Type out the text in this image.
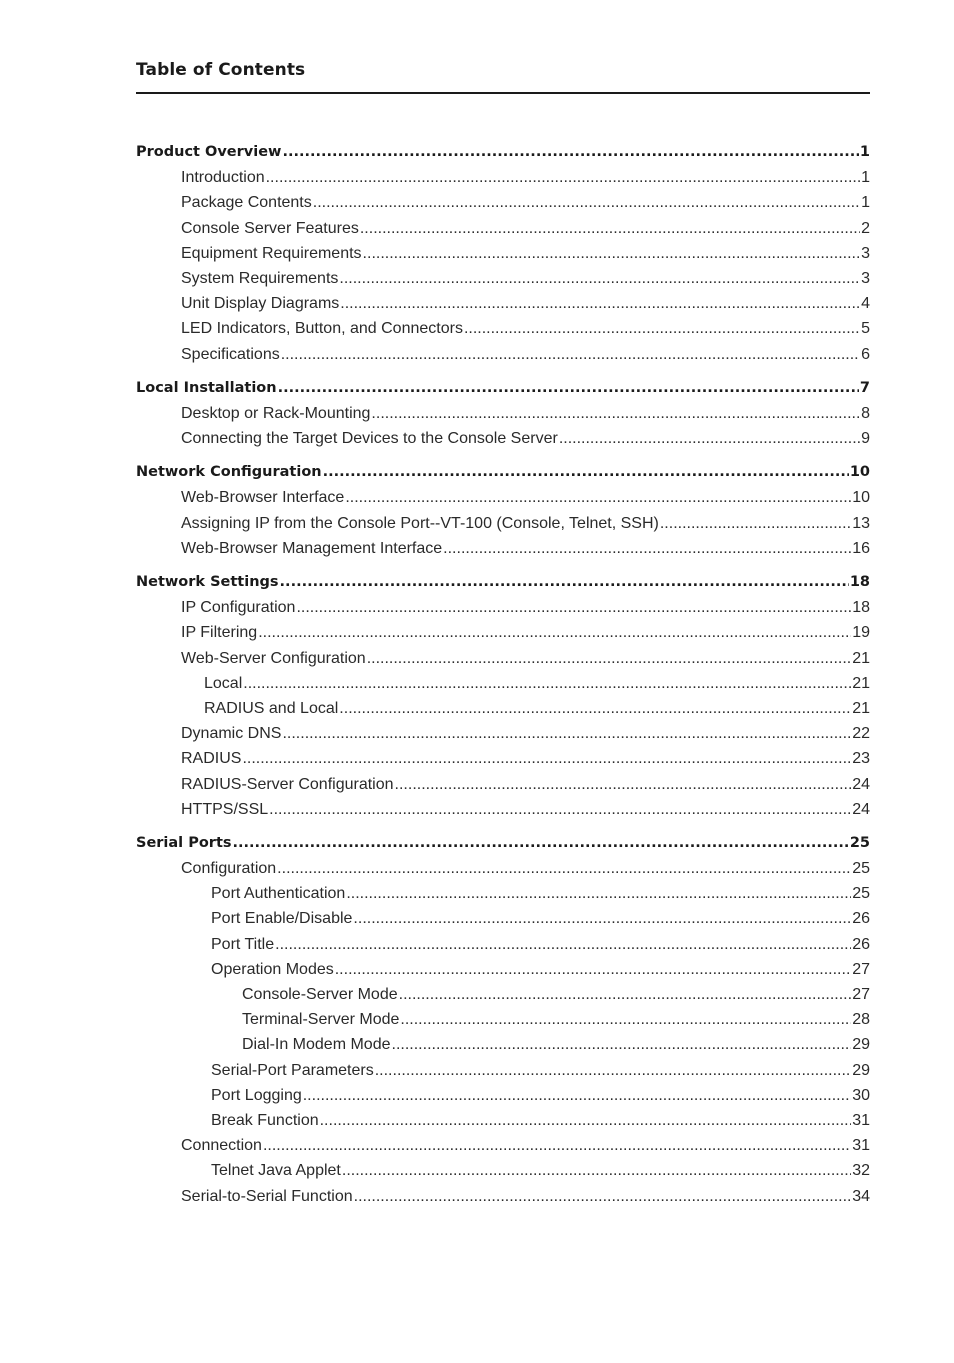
Table of Contents
Product Overview .....	1
Introduction .....	1
Package Contents .....	1
Console Server Features .....	2
Equipment Requirements .....	3
System Requirements .....	3
Unit Display Diagrams .....	4
LED Indicators, Button, and Connectors .....	5
Specifications .....	6
Local Installation .....	7
Desktop or Rack-Mounting .....	8
Connecting the Target Devices to the Console Server .....	9
Network Configuration .....	10
Web-Browser Interface .....	10
Assigning IP from the Console Port--VT-100 (Console, Telnet, SSH) .....	13
Web-Browser Management Interface .....	16
Network Settings .....	18
IP Configuration .....	18
IP Filtering .....	19
Web-Server Configuration .....	21
Local .....	21
RADIUS and Local .....	21
Dynamic DNS .....	22
RADIUS .....	23
RADIUS-Server Configuration .....	24
HTTPS/SSL .....	24
Serial Ports .....	25
Configuration .....	25
Port Authentication .....	25
Port Enable/Disable .....	26
Port Title .....	26
Operation Modes .....	27
Console-Server Mode .....	27
Terminal-Server Mode .....	28
Dial-In Modem Mode .....	29
Serial-Port Parameters .....	29
Port Logging .....	30
Break Function .....	31
Connection .....	31
Telnet Java Applet .....	32
Serial-to-Serial Function .....	34
